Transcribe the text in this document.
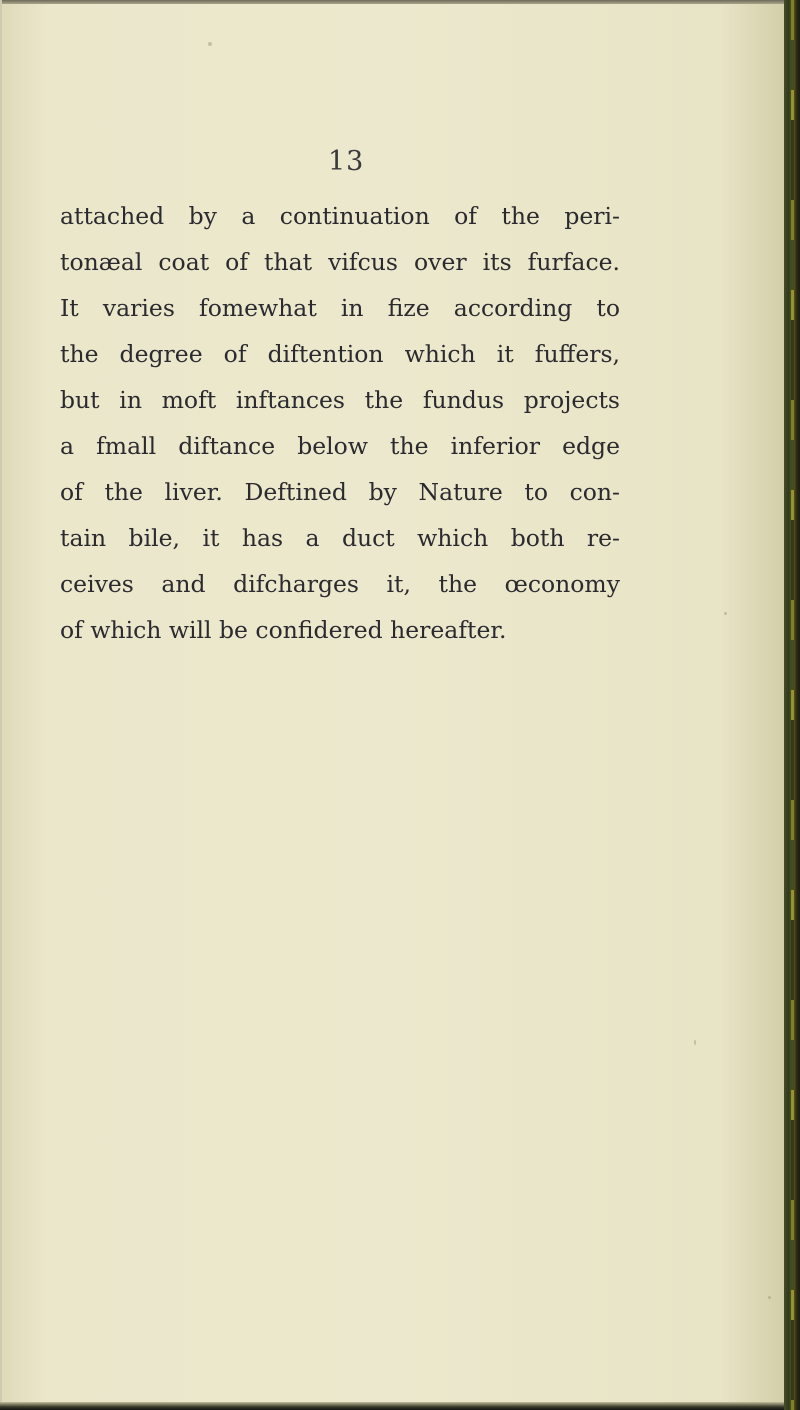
13
attached by a continuation of the peri-
tonæal coat of that vifcus over its furface.
It varies fomewhat in fize according to
the degree of diftention which it fuffers,
but in moft inftances the fundus projects
a fmall diftance below the inferior edge
of the liver. Deftined by Nature to con-
tain bile, it has a duct which both re-
ceives and difcharges it, the œconomy
of which will be confidered hereafter.
